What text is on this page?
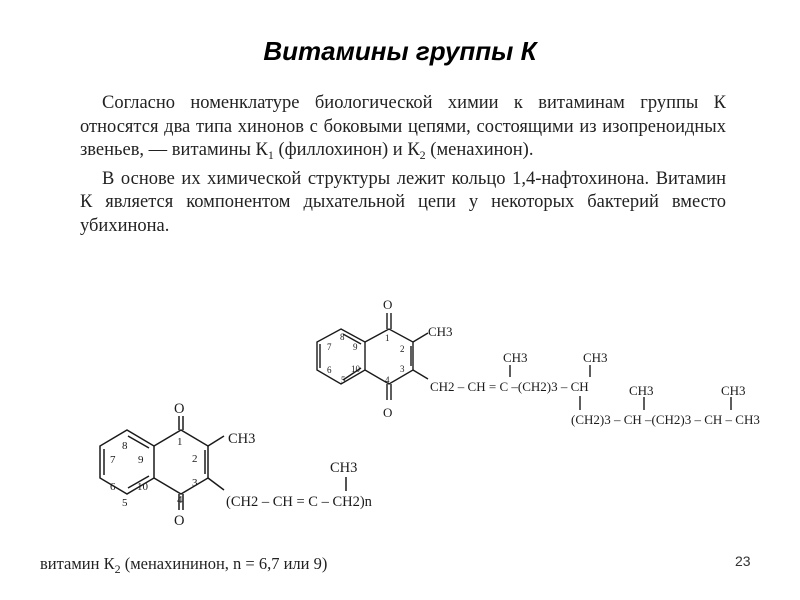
Витамины группы К

Согласно номенклатуре биологической химии к витаминам группы К относятся два типа хинонов с боковыми цепями, состоящими из изопреноидных звеньев, — витамины $К_1$ (филлохинон) и $К_2$ (менахинон).

В основе их химической структуры лежит кольцо 1,4-нафтохинона. Витамин К является компонентом дыхательной цепи у некоторых бактерий вместо убихинона.

O
O
CH3
1
2
3
4
5
6
7
8
9
10
CH3	CH3
CH2 – CH = C –(CH2)3 – CH	CH3	CH3
(CH2)3 – CH –(CH2)3 – CH – CH3
O
O
CH3
1
2
3
4
5
6
7
8
9
10
CH3
(CH2 – CH = C – CH2)n
витамин $К_2$ (менахининон, n = 6,7 или 9)	23
